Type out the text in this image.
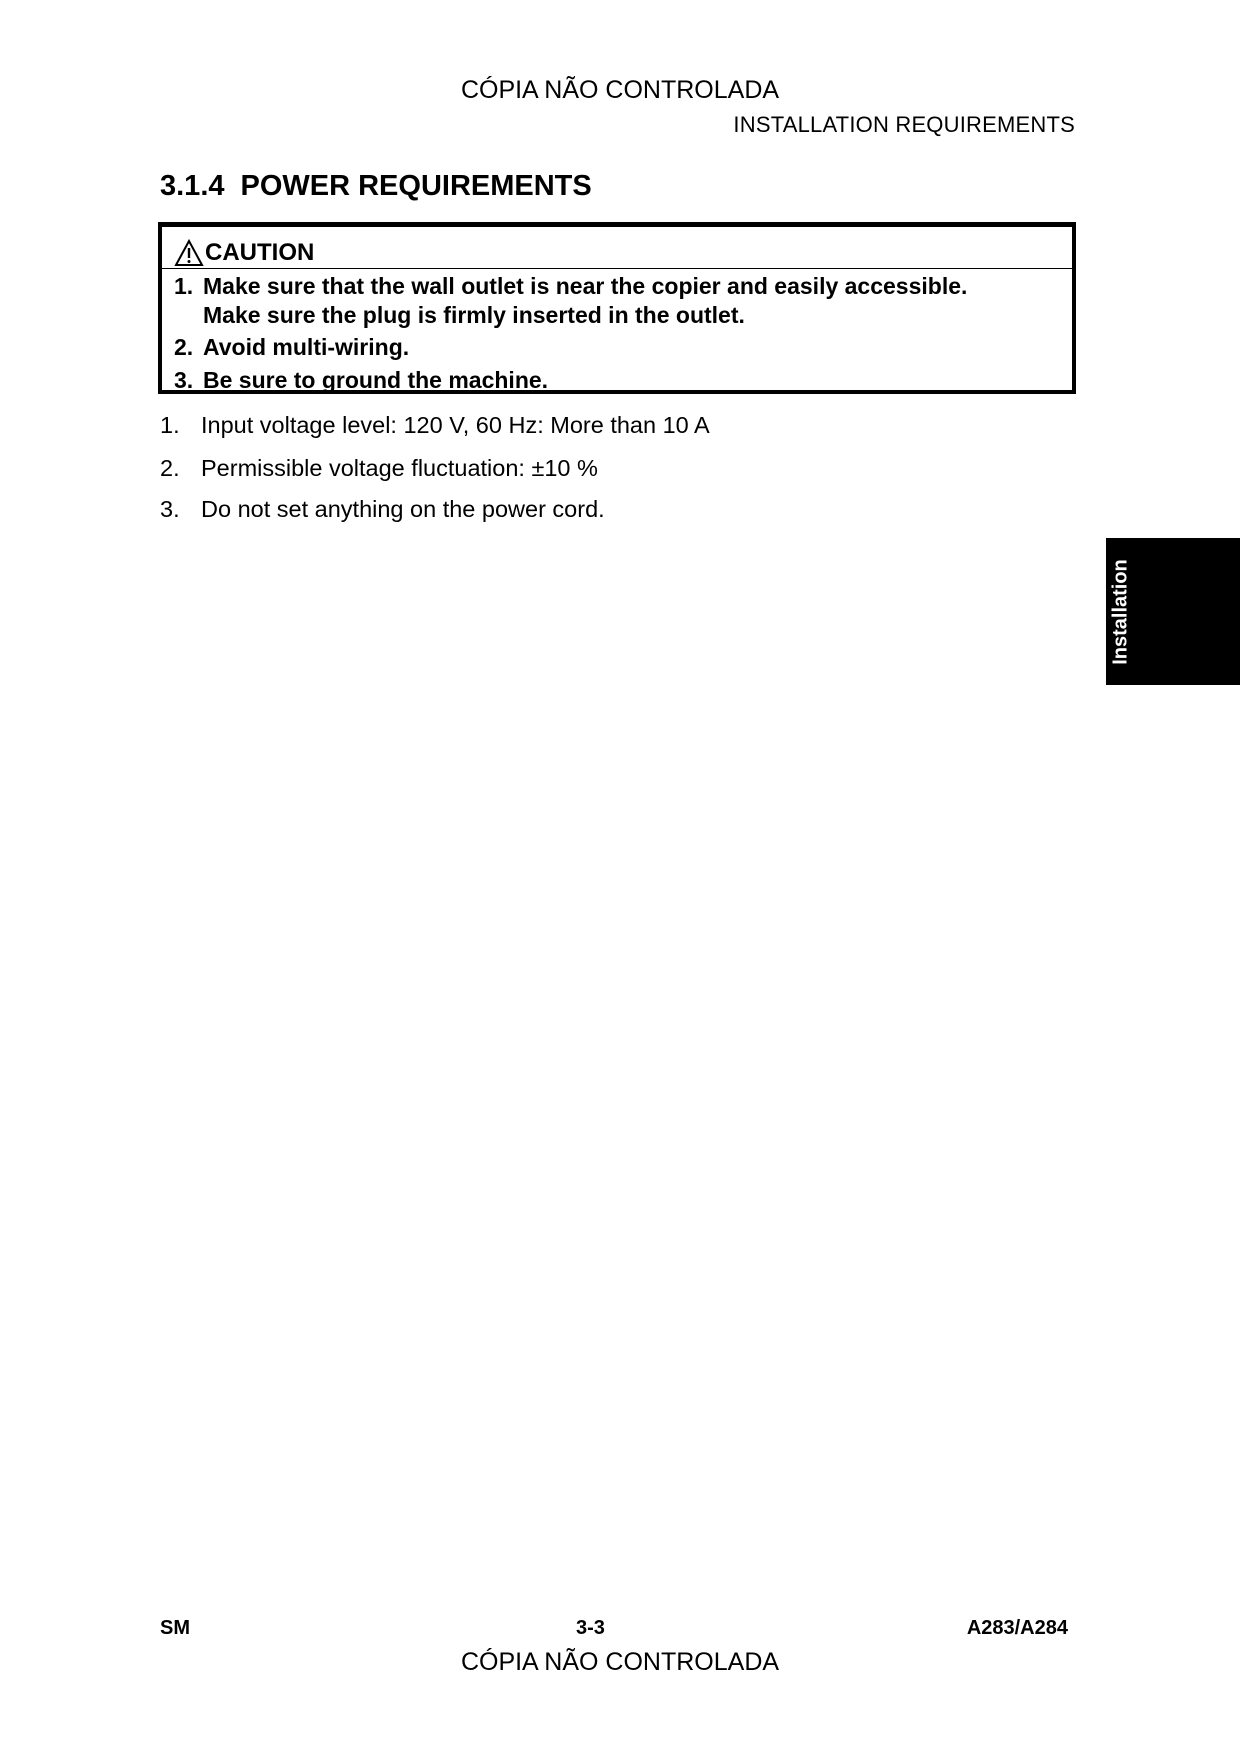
CÓPIA NÃO CONTROLADA
INSTALLATION REQUIREMENTS
3.1.4 POWER REQUIREMENTS
CAUTION
1. Make sure that the wall outlet is near the copier and easily accessible.
Make sure the plug is firmly inserted in the outlet.
2. Avoid multi-wiring.
3. Be sure to ground the machine.
1. Input voltage level: 120 V, 60 Hz: More than 10 A
2. Permissible voltage fluctuation: ±10 %
3. Do not set anything on the power cord.
Installation
SM	3-3	A283/A284
CÓPIA NÃO CONTROLADA
